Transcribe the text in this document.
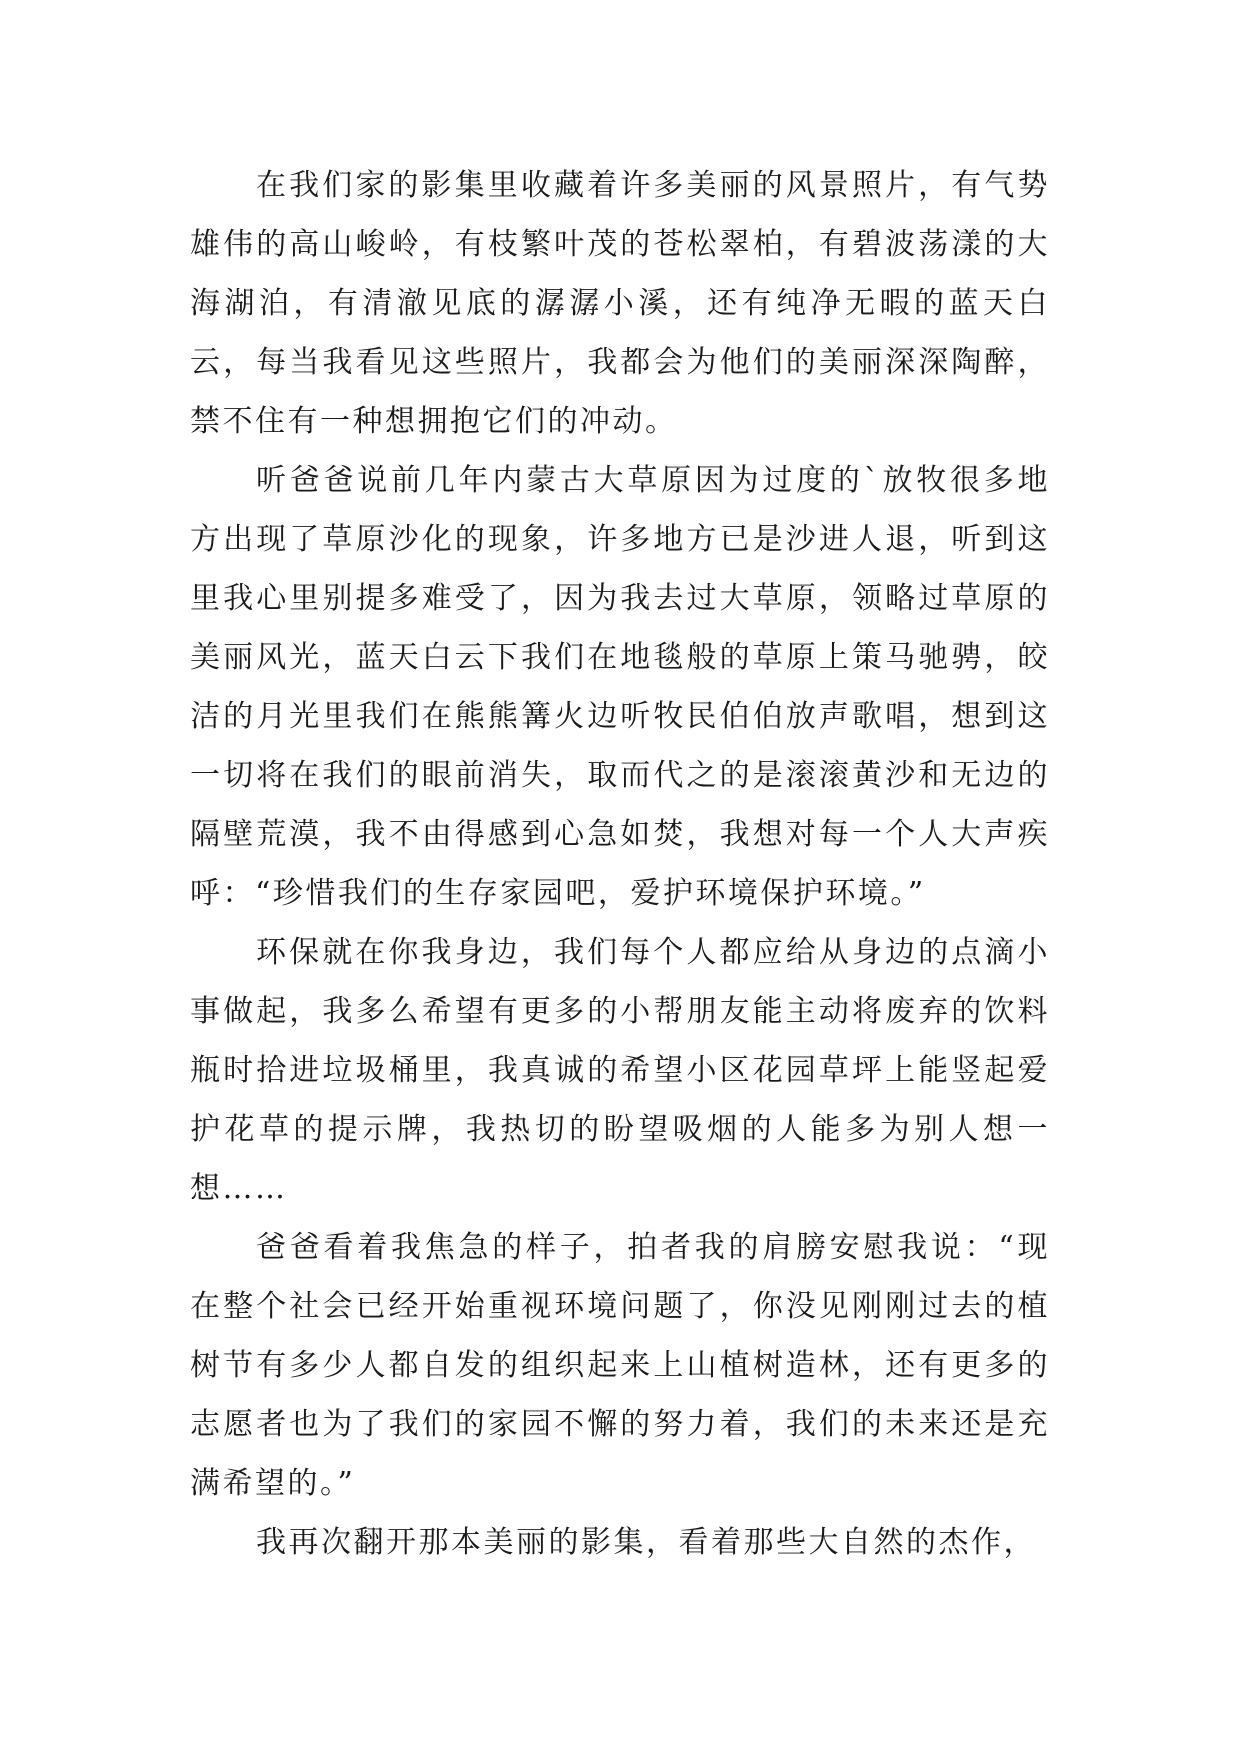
在我们家的影集里收藏着许多美丽的风景照片，有气势雄伟的高山峻岭，有枝繁叶茂的苍松翠柏，有碧波荡漾的大海湖泊，有清澈见底的潺潺小溪，还有纯净无暇的蓝天白云，每当我看见这些照片，我都会为他们的美丽深深陶醉，禁不住有一种想拥抱它们的冲动。

听爸爸说前几年内蒙古大草原因为过度的`放牧很多地方出现了草原沙化的现象，许多地方已是沙进人退，听到这里我心里别提多难受了，因为我去过大草原，领略过草原的美丽风光，蓝天白云下我们在地毯般的草原上策马驰骋，皎洁的月光里我们在熊熊篝火边听牧民伯伯放声歌唱，想到这一切将在我们的眼前消失，取而代之的是滚滚黄沙和无边的隔壁荒漠，我不由得感到心急如焚，我想对每一个人大声疾呼：“珍惜我们的生存家园吧，爱护环境保护环境。”

环保就在你我身边，我们每个人都应给从身边的点滴小事做起，我多么希望有更多的小帮朋友能主动将废弃的饮料瓶时拾进垃圾桶里，我真诚的希望小区花园草坪上能竖起爱护花草的提示牌，我热切的盼望吸烟的人能多为别人想一想……

爸爸看着我焦急的样子，拍者我的肩膀安慰我说：“现在整个社会已经开始重视环境问题了，你没见刚刚过去的植树节有多少人都自发的组织起来上山植树造林，还有更多的志愿者也为了我们的家园不懈的努力着，我们的未来还是充满希望的。”

我再次翻开那本美丽的影集，看着那些大自然的杰作，
